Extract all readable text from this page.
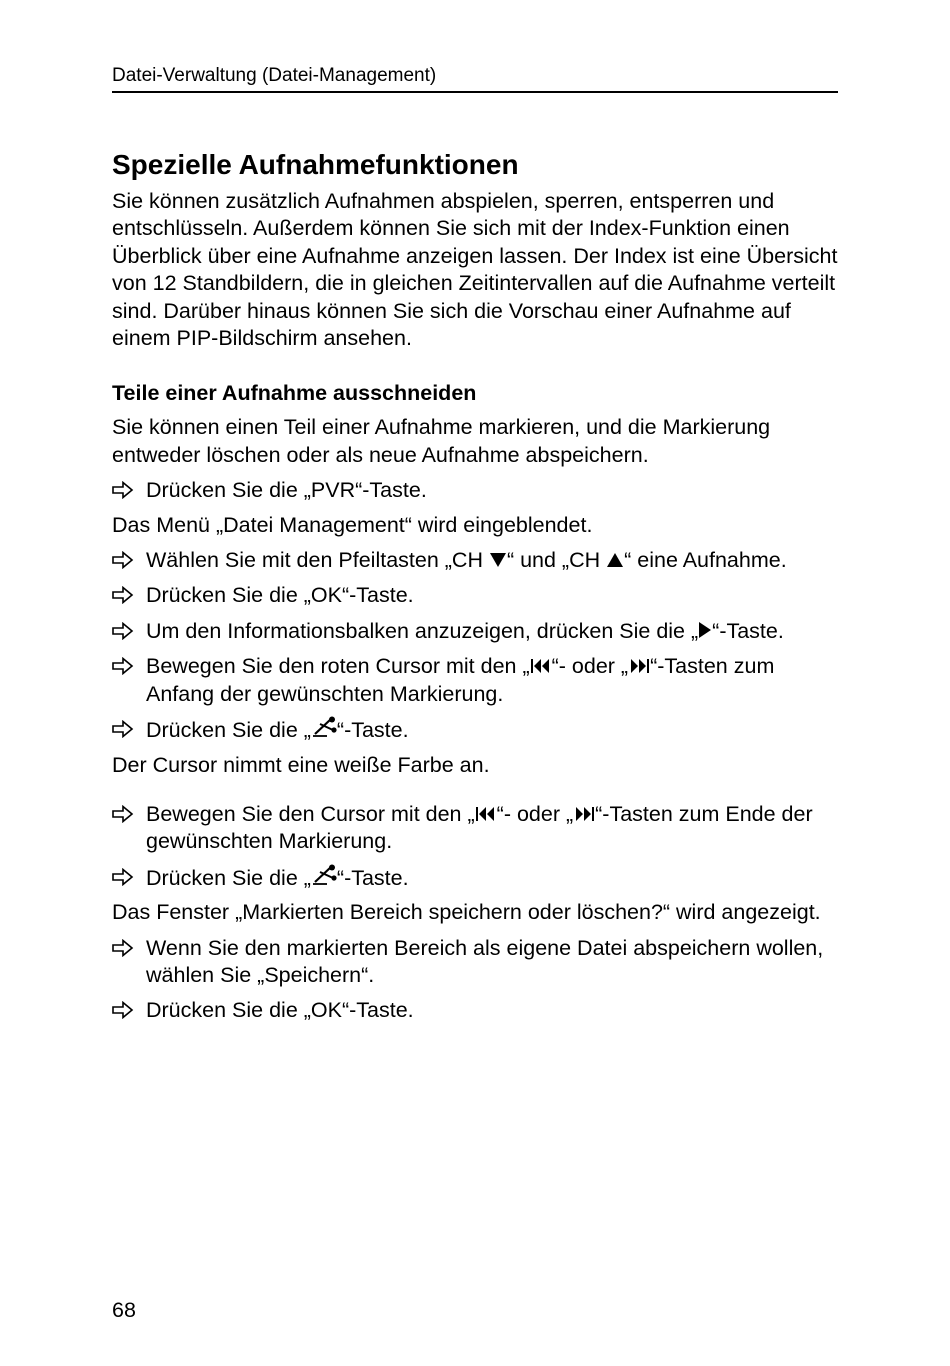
Datei-Verwaltung (Datei-Management)
Spezielle Aufnahmefunktionen

Sie können zusätzlich Aufnahmen abspielen, sperren, entsperren und entschlüsseln. Außerdem können Sie sich mit der Index-Funktion einen Überblick über eine Aufnahme anzeigen lassen. Der Index ist eine Übersicht von 12 Standbildern, die in gleichen Zeitintervallen auf die Aufnahme verteilt sind. Darüber hinaus können Sie sich die Vorschau einer Aufnahme auf einem PIP-Bildschirm ansehen.

Teile einer Aufnahme ausschneiden

Sie können einen Teil einer Aufnahme markieren, und die Markierung entweder löschen oder als neue Aufnahme abspeichern.

Drücken Sie die „PVR“-Taste.

Das Menü „Datei Management“ wird eingeblendet.

Wählen Sie mit den Pfeiltasten „CH “ und „CH “ eine Aufnahme.
Drücken Sie die „OK“-Taste.
Um den Informationsbalken anzuzeigen, drücken Sie die „ “-Taste.
Bewegen Sie den roten Cursor mit den „ “- oder „ “-Tasten zum Anfang der gewünschten Markierung.
Drücken Sie die „ “-Taste.

Der Cursor nimmt eine weiße Farbe an.

Bewegen Sie den Cursor mit den „ “- oder „ “-Tasten zum Ende der gewünschten Markierung.
Drücken Sie die „ “-Taste.

Das Fenster „Markierten Bereich speichern oder löschen?“ wird angezeigt.

Wenn Sie den markierten Bereich als eigene Datei abspeichern wollen, wählen Sie „Speichern“.
Drücken Sie die „OK“-Taste.
68
